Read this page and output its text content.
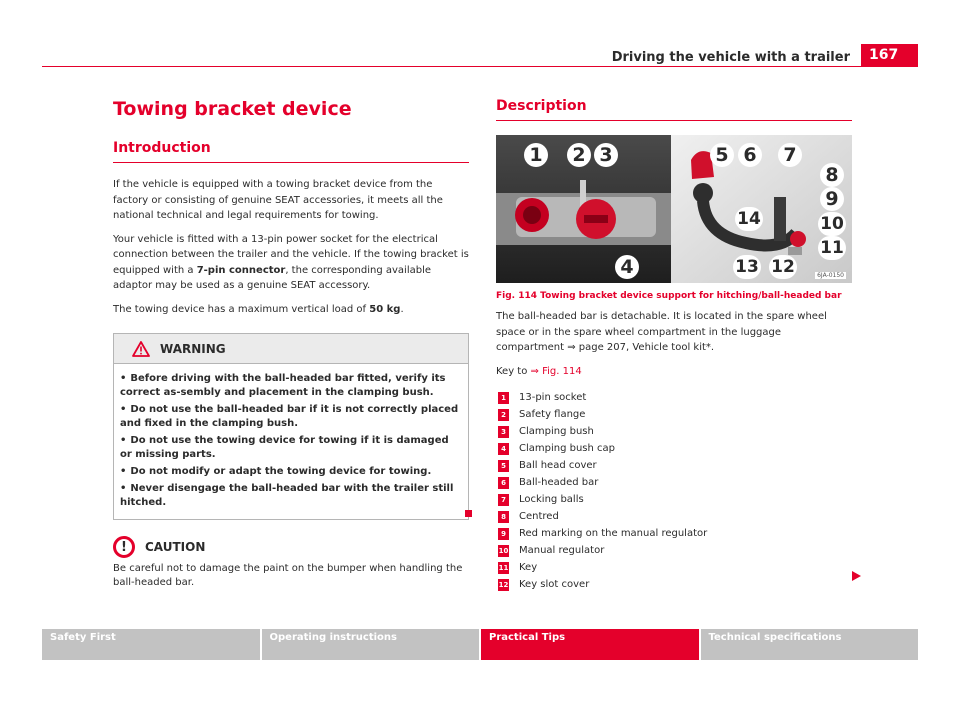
Driving the vehicle with a trailer	167
Towing bracket device
Introduction

If the vehicle is equipped with a towing bracket device from the factory or consisting of genuine SEAT accessories, it meets all the national technical and legal requirements for towing.

Your vehicle is fitted with a 13-pin power socket for the electrical connection between the trailer and the vehicle. If the towing bracket is equipped with a 7-pin connector, the corresponding available adaptor may be used as a genuine SEAT accessory.

The towing device has a maximum vertical load of 50 kg.

WARNING
• Before driving with the ball-headed bar fitted, verify its correct as-sembly and placement in the clamping bush.
• Do not use the ball-headed bar if it is not correctly placed and fixed in the clamping bush.
• Do not use the towing device for towing if it is damaged or missing parts.
• Do not modify or adapt the towing device for towing.
• Never disengage the ball-headed bar with the trailer still hitched.
!	CAUTION

Be careful not to damage the paint on the bumper when handling the ball-headed bar.

Description
1 2 3
4
5 6 7
8
9
10
11
12
13
14
6JA-0150
Fig. 114 Towing bracket device support for hitching/ball-headed bar

The ball-headed bar is detachable. It is located in the spare wheel space or in the spare wheel compartment in the luggage compartment ⇒ page 207, Vehicle tool kit*.

Key to ⇒ Fig. 114

1	13-pin socket
2	Safety flange
3	Clamping bush
4	Clamping bush cap
5	Ball head cover
6	Ball-headed bar
7	Locking balls
8	Centred
9	Red marking on the manual regulator
10 Manual regulator
11 Key
12 Key slot cover
Safety First	Operating instructions	Practical Tips	Technical specifications
